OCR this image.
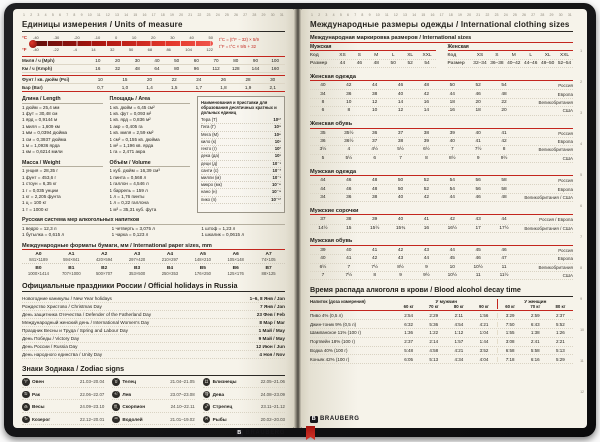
1 2 3 4 5 6 7 8 9 10 11 12 13 14 15 16 17 18 19 20 21 22 23 24 25 26 27 28 29 30 31
Единицы измерения / Units of measure
°C	-40	-30	-20	-10	0	10	20	30	40	50
°F	-40	-22	-4	14	32	50	68	86	104	122
t°C = (t°F − 32) × 5/9
t°F = t°C × 9/5 + 32
Миля / ч (Mph)	10	20	30	40	50	60	70	80	90	100
Км / ч (Kmph)	16	32	48	64	80	96	112	128	144	160
Фунт / кв. дюйм (Psi)	10	15	20	22	24	26	28	30
Бар (Bar)	0,7	1,0	1,4	1,5	1,7	1,8	1,9	2,1
Длина / Length
1 дюйм = 25,4 мм
1 фут = 30,48 см
1 ярд = 0,9144 м
1 миля = 1,609 км
1 мм = 0,0394 дюйма
1 см = 0,3937 дюйма
1 м = 1,0936 ярда
1 км = 0,6214 мили
Масса / Weight
1 унция = 28,35 г
1 фунт = 453,6 г
1 стоун = 6,35 кг
1 г = 0,035 унции
1 кг = 2,205 фунта
1 ц = 100 кг
1 т = 1000 кг
Площадь / Area
1 кв. дюйм = 6,45 см²
1 кв. фут = 0,093 м²
1 кв. ярд = 0,836 м²
1 акр = 0,405 га
1 кв. миля = 2,59 км²
1 см² = 0,155 кв. дюйма
1 м² = 1,196 кв. ярда
1 га = 2,471 акра
Объём / Volume
1 куб. дюйм = 16,39 см³
1 пинта = 0,568 л
1 галлон = 4,546 л
1 баррель = 159 л
1 л = 1,76 пинты
1 л = 0,22 галлона
1 м³ = 35,31 куб. фута
Наименования и приставки для образования десятичных кратных и дольных единиц
Тера (Т)	10¹²
Гига (Г)	10⁹
Мега (М)	10⁶
кило (к)	10³
гекто (г)	10²
дека (да)	10¹
деци (д)	10⁻¹
санти (с)	10⁻²
милли (м)	10⁻³
микро (мк)	10⁻⁶
нано (н)	10⁻⁹
пико (п)	10⁻¹²
Русская система мер алкогольных напитков
1 ведро = 12,3 л	1 четверть = 3,075 л	1 штоф = 1,23 л
1 бутылка = 0,615 л	1 чарка = 0,123 л	1 шкалик = 0,0615 л
Международные форматы бумаги, мм / International paper sizes, mm
А0	А1	А2	А3	А4	А5	А6	А7
841×1189	594×841	420×594	297×420	210×297	148×210	105×148	74×105
В0	В1	В2	В3	В4	В5	В6	В7
1000×1414	707×1000	500×707	353×500	250×353	176×250	125×176	88×125
Официальные праздники России / Official holidays in Russia
Новогодние каникулы / New Year holidays	1–6, 8 Янв / Jan
Рождество Христово / Christmas Day	7 Янв / Jan
День защитника Отечества / Defender of the Fatherland Day	23 Фев / Feb
Международный женский день / International Women's Day	8 Мар / Mar
Праздник Весны и Труда / Spring and Labour Day	1 Май / May
День Победы / Victory Day	9 Май / May
День России / Russia Day	12 Июн / Jun
День народного единства / Unity Day	4 Ноя / Nov
Знаки Зодиака / Zodiac signs
♈ Овен	21.03–20.04	♉ Телец	21.04–21.05	♊ Близнецы	22.05–21.06
♋ Рак	22.06–22.07	♌ Лев	23.07–23.08	♍ Дева	24.08–23.09
♎ Весы	24.09–23.10	♏ Скорпион	24.10–22.11	♐ Стрелец	23.11–21.12
♑ Козерог	22.12–20.01	♒ Водолей	21.01–19.02	♓ Рыбы	20.02–20.03
B BRAUBERG
1 2 3 4 5 6 7 8 9 10 11 12 13 14 15 16 17 18 19 20 21 22 23 24 25 26 27 28 29 30 31
1
2
3
4
5
6
7
8
9
10
11
12
Международные размеры одежды / International clothing sizes
Международная маркировка размеров / International sizes
Мужская
Код	XS	S	M	L	XL	XXL
Размер	44	46	48	50	52	54
Женская
Код	XS	S	M	L	XL	XXL
Размер	32–34 36–38 40–42 44–46 48–50 52–54
Женская одежда
40	42	44	46	48	50	52	54	Россия
34	36	38	40	42	44	46	48	Европа
8	10	12	14	16	18	20	22	Великобритания
6	8	10	12	14	16	18	20	США
Женская обувь
35	35½	36	37	38	39	40	41	Россия
36	36½	37	38	39	40	41	42	Европа
3½	4	4½	5½	6½	7	7½	8	Великобритания
5	5½	6	7	8	8½	9	9½	США
Мужская одежда
44	46	48	50	52	54	56	58	Россия
44	46	48	50	52	54	56	58	Европа
34	36	38	40	42	44	46	48	Великобритания / США
Мужские сорочки
37	38	39	40	41	42	43	44	Россия / Европа
14½	15	15½	15¾	16	16½	17	17½	Великобритания / США
Мужская обувь
39	40	41	42	43	44	45	46	Россия
40	41	42	43	44	45	46	47	Европа
6½	7	7½	8½	9	10	10½	11	Великобритания
7	7½	8	9	9½	10½	11	11½	США
Время распада алкоголя в крови / Blood alcohol decay time
Напиток (доза измерения)	У мужчин	У женщин
60 кг	70 кг	80 кг	90 кг	60 кг	70 кг	80 кг
Пиво 4% (0,5 л)	2:54	2:29	2:11	1:56	3:29	2:59	2:37
Джин-тоник 9% (0,5 л)	6:32	5:36	4:54	4:21	7:50	6:43	5:52
Шампанское 11% (100 г)	1:36	1:22	1:12	1:04	1:55	1:38	1:26
Портвейн 18% (100 г)	2:37	2:14	1:57	1:44	3:08	2:41	2:21
Водка 40% (100 г)	5:48	4:58	4:21	3:52	6:58	5:58	5:13
Коньяк 42% (100 г)	6:05	5:13	4:34	4:04	7:18	6:16	5:29
B BRAUBERG
